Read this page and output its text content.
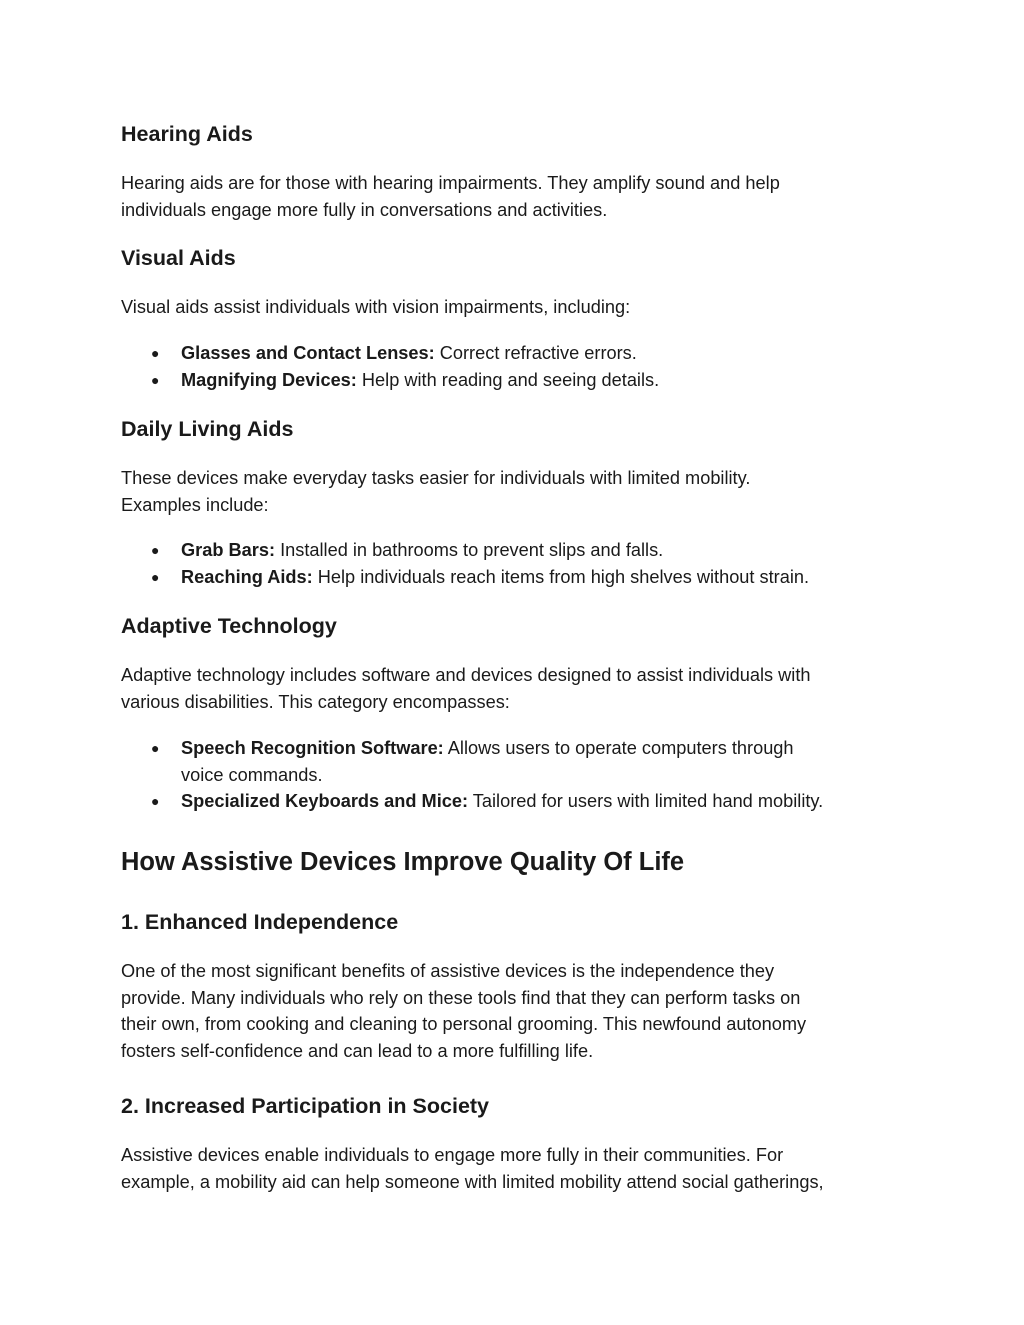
Hearing Aids

Hearing aids are for those with hearing impairments. They amplify sound and help
individuals engage more fully in conversations and activities.

Visual Aids

Visual aids assist individuals with vision impairments, including:

● Glasses and Contact Lenses: Correct refractive errors.
● Magnifying Devices: Help with reading and seeing details.
Daily Living Aids

These devices make everyday tasks easier for individuals with limited mobility.
Examples include:

● Grab Bars: Installed in bathrooms to prevent slips and falls.
● Reaching Aids: Help individuals reach items from high shelves without strain.
Adaptive Technology

Adaptive technology includes software and devices designed to assist individuals with
various disabilities. This category encompasses:

● Speech Recognition Software: Allows users to operate computers through
voice commands.
● Specialized Keyboards and Mice: Tailored for users with limited hand mobility.
How Assistive Devices Improve Quality Of Life
1. Enhanced Independence

One of the most significant benefits of assistive devices is the independence they
provide. Many individuals who rely on these tools find that they can perform tasks on
their own, from cooking and cleaning to personal grooming. This newfound autonomy
fosters self-confidence and can lead to a more fulfilling life.

2. Increased Participation in Society

Assistive devices enable individuals to engage more fully in their communities. For
example, a mobility aid can help someone with limited mobility attend social gatherings,
